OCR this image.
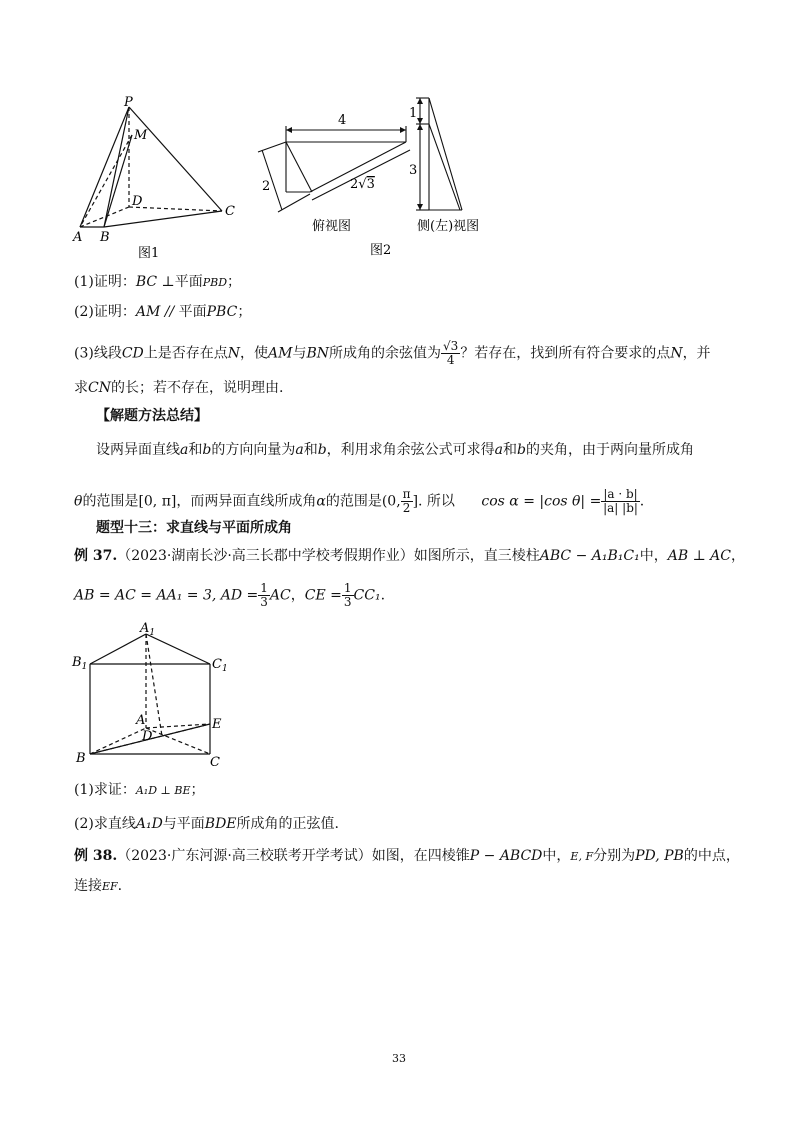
P
M
D
C
A B
图1
4
2	2√3
俯视图
1
3
侧(左)视图
图2
(1)证明：BC ⊥平面PBD；
(2)证明：AM // 平面PBC；
(3)线段CD上是否存在点N，使AM与BN所成角的余弦值为 $\frac{√3}{4}$ ？若存在，找到所有符合要求的点N，并
求CN的长；若不存在，说明理由.
【解题方法总结】
设两异面直线a和b的方向向量为a和b，利用求角余弦公式可求得a和b的夹角，由于两向量所成角
θ的范围是[0, π]，而两异面直线所成角α的范围是(0, $\frac{\pi}{2}$ ]. 所以 cos α = |cos $\theta| = \frac{|a \cdot b|}{|a| |b|}$ .
题型十三：求直线与平面所成角
例 37.（2023·湖南长沙·高三长郡中学校考假期作业）如图所示，直三棱柱ABC − A₁B₁C₁中，AB ⊥ AC，
AB = AC = AA₁ = 3, AD = $\frac{1}{3}$ AC，CE = $\frac{1}{3} CC_1$.
$A_1$
$B_1$	$C_1$
A
D
E
B	C
(1)求证：A₁D ⊥ BE；
(2)求直线A₁D与平面BDE所成角的正弦值.
例 38.（2023·广东河源·高三校联考开学考试）如图，在四棱锥P − ABCD中，E, F分别为PD, PB的中点，
连接EF.
33
